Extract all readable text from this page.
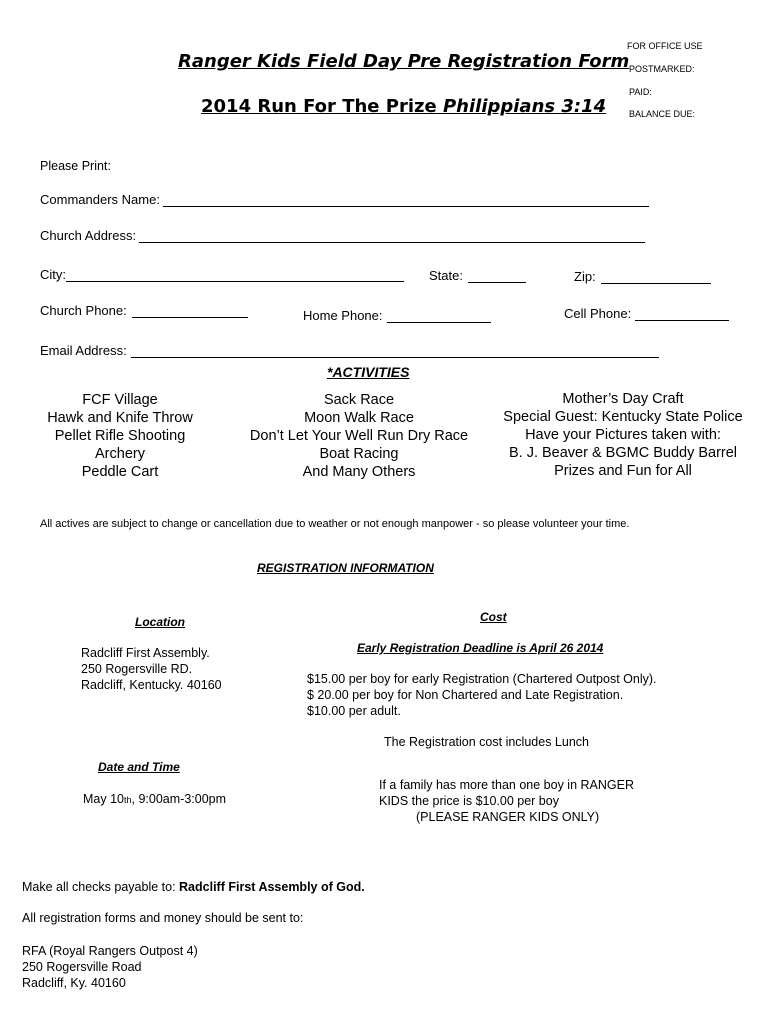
FOR OFFICE USE
POSTMARKED:
PAID:
BALANCE DUE:
Ranger Kids Field Day Pre Registration Form
2014 Run For The Prize Philippians 3:14
Please Print:
Commanders Name:
Church Address:
City:	State:	Zip:
Church Phone:	Home Phone:	Cell Phone:
Email Address:
*ACTIVITIES
FCF Village
Hawk and Knife Throw
Pellet Rifle Shooting
Archery
Peddle Cart
Sack Race
Moon Walk Race
Don’t Let Your Well Run Dry Race
Boat Racing
And Many Others
Mother’s Day Craft
Special Guest: Kentucky State Police
Have your Pictures taken with:
B. J. Beaver & BGMC Buddy Barrel
Prizes and Fun for All
All actives are subject to change or cancellation due to weather or not enough manpower - so please volunteer your time.
REGISTRATION INFORMATION
Location
Radcliff First Assembly.
250 Rogersville RD.
Radcliff, Kentucky. 40160
Cost
Early Registration Deadline is April 26 2014
$15.00 per boy for early Registration (Chartered Outpost Only).
$ 20.00 per boy for Non Chartered and Late Registration.
$10.00 per adult.
The Registration cost includes Lunch
Date and Time
May 10th, 9:00am-3:00pm
If a family has more than one boy in RANGER
KIDS the price is $10.00 per boy
(PLEASE RANGER KIDS ONLY)
Make all checks payable to: Radcliff First Assembly of God.
All registration forms and money should be sent to:
RFA (Royal Rangers Outpost 4)
250 Rogersville Road
Radcliff, Ky. 40160
